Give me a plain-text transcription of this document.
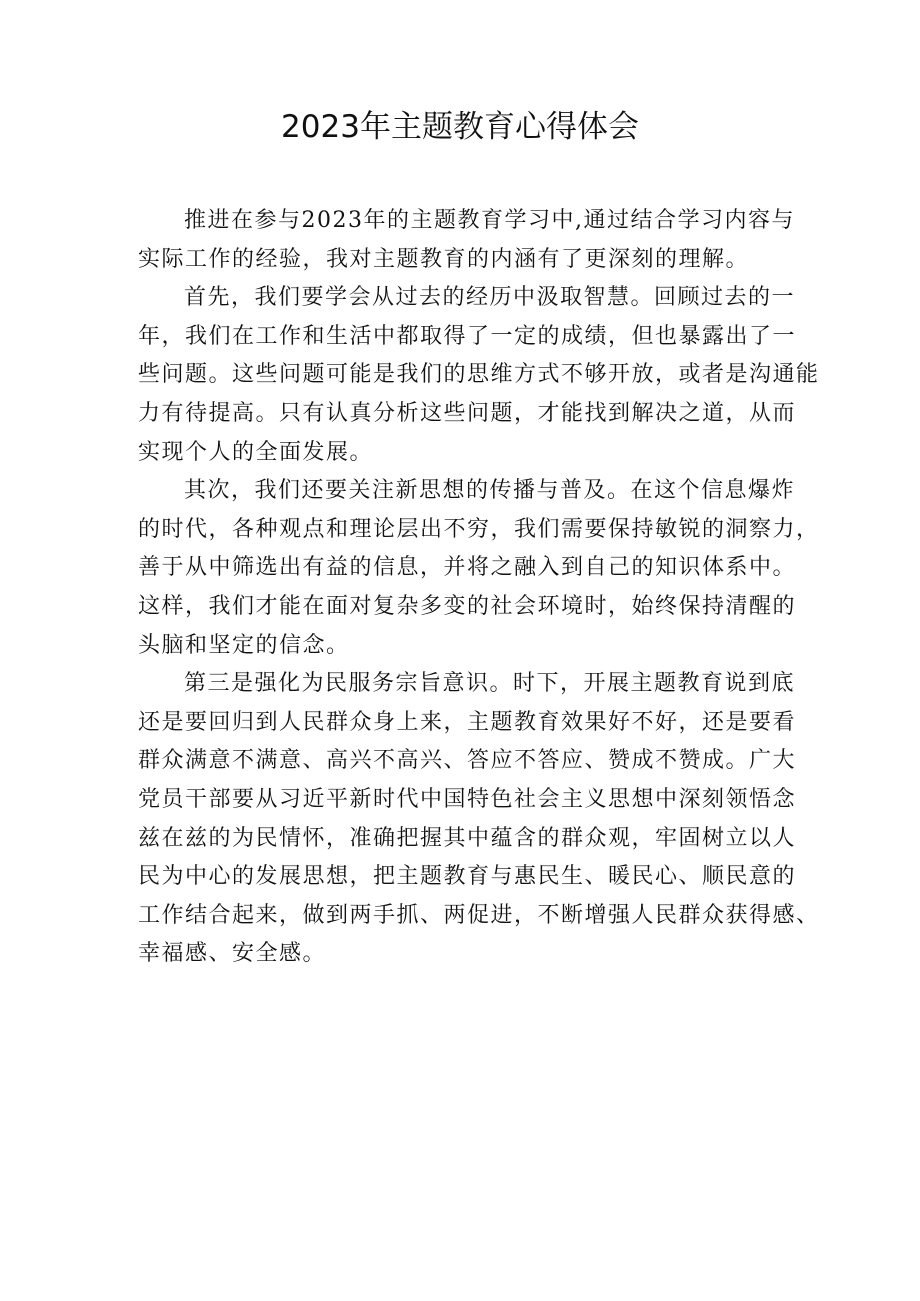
2023年主题教育心得体会

推进在参与2023年的主题教育学习中,通过结合学习内容与
实际工作的经验，我对主题教育的内涵有了更深刻的理解。

首先，我们要学会从过去的经历中汲取智慧。回顾过去的一
年，我们在工作和生活中都取得了一定的成绩，但也暴露出了一
些问题。这些问题可能是我们的思维方式不够开放，或者是沟通能
力有待提高。只有认真分析这些问题，才能找到解决之道，从而
实现个人的全面发展。

其次，我们还要关注新思想的传播与普及。在这个信息爆炸
的时代，各种观点和理论层出不穷，我们需要保持敏锐的洞察力，
善于从中筛选出有益的信息，并将之融入到自己的知识体系中。
这样，我们才能在面对复杂多变的社会环境时，始终保持清醒的
头脑和坚定的信念。

第三是强化为民服务宗旨意识。时下，开展主题教育说到底
还是要回归到人民群众身上来，主题教育效果好不好，还是要看
群众满意不满意、高兴不高兴、答应不答应、赞成不赞成。广大
党员干部要从习近平新时代中国特色社会主义思想中深刻领悟念
兹在兹的为民情怀，准确把握其中蕴含的群众观，牢固树立以人
民为中心的发展思想，把主题教育与惠民生、暖民心、顺民意的
工作结合起来，做到两手抓、两促进，不断增强人民群众获得感、
幸福感、安全感。
